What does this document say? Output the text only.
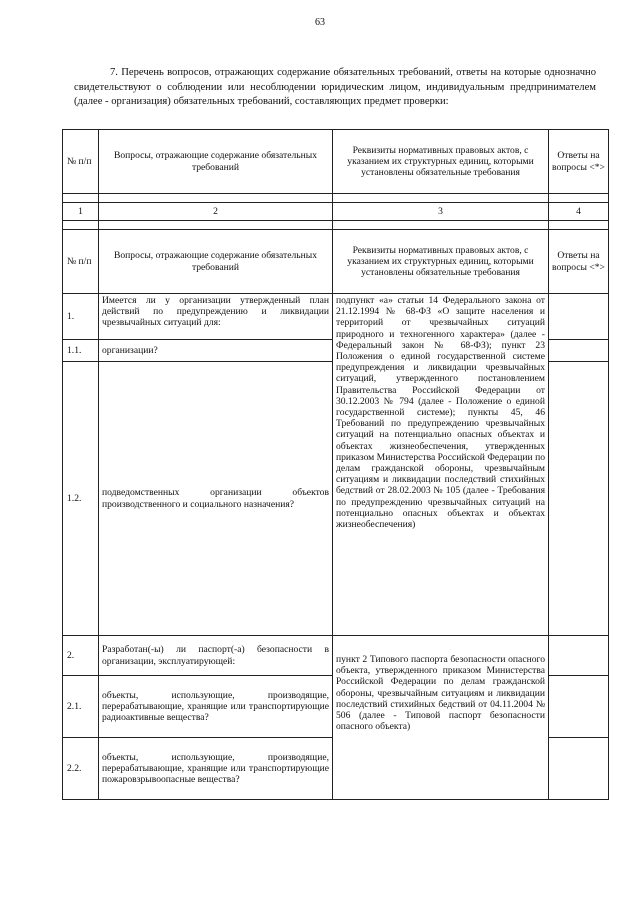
63

7. Перечень вопросов, отражающих содержание обязательных требований, ответы на которые однозначно свидетельствуют о соблюдении или несоблюдении юридическим лицом, индивидуальным предпринимателем (далее - организация) обязательных требований, составляющих предмет проверки:

№ п/п	Вопросы, отражающие содержание обязательных требований	Реквизиты нормативных правовых актов, с указанием их структурных единиц, которыми установлены обязательные требования	Ответы на вопросы <*>

1	2	3	4

№ п/п	Вопросы, отражающие содержание обязательных требований	Реквизиты нормативных правовых актов, с указанием их структурных единиц, которыми установлены обязательные требования	Ответы на вопросы <*>
1.	Имеется ли у организации утвержденный план действий по предупреждению и ликвидации чрезвычайных ситуаций для:	подпункт «а» статьи 14 Федерального закона от 21.12.1994 № 68-ФЗ «О защите населения и территорий от чрезвычайных ситуаций природного и техногенного характера» (далее - Федеральный закон № 68-ФЗ); пункт 23 Положения о единой государственной системе предупреждения и ликвидации чрезвычайных ситуаций, утвержденного постановлением Правительства Российской Федерации от 30.12.2003 № 794 (далее - Положение о единой государственной системе); пункты 45, 46 Требований по предупреждению чрезвычайных ситуаций на потенциально опасных объектах и объектах жизнеобеспечения, утвержденных приказом Министерства Российской Федерации по делам гражданской обороны, чрезвычайным ситуациям и ликвидации последствий стихийных бедствий от 28.02.2003 № 105 (далее - Требования по предупреждению чрезвычайных ситуаций на потенциально опасных объектах и объектах жизнеобеспечения)	
1.1.	организации?		
1.2.	подведомственных организации объектов производственного и социального назначения?		
2.	Разработан(-ы) ли паспорт(-а) безопасности в организации, эксплуатирующей:	пункт 2 Типового паспорта безопасности опасного объекта, утвержденного приказом Министерства Российской Федерации по делам гражданской обороны, чрезвычайным ситуациям и ликвидации последствий стихийных бедствий от 04.11.2004 № 506 (далее - Типовой паспорт безопасности опасного объекта)	
2.1.	объекты, использующие, производящие, перерабатывающие, хранящие или транспортирующие радиоактивные вещества?		
2.2.	объекты, использующие, производящие, перерабатывающие, хранящие или транспортирующие пожаровзрывоопасные вещества?		
